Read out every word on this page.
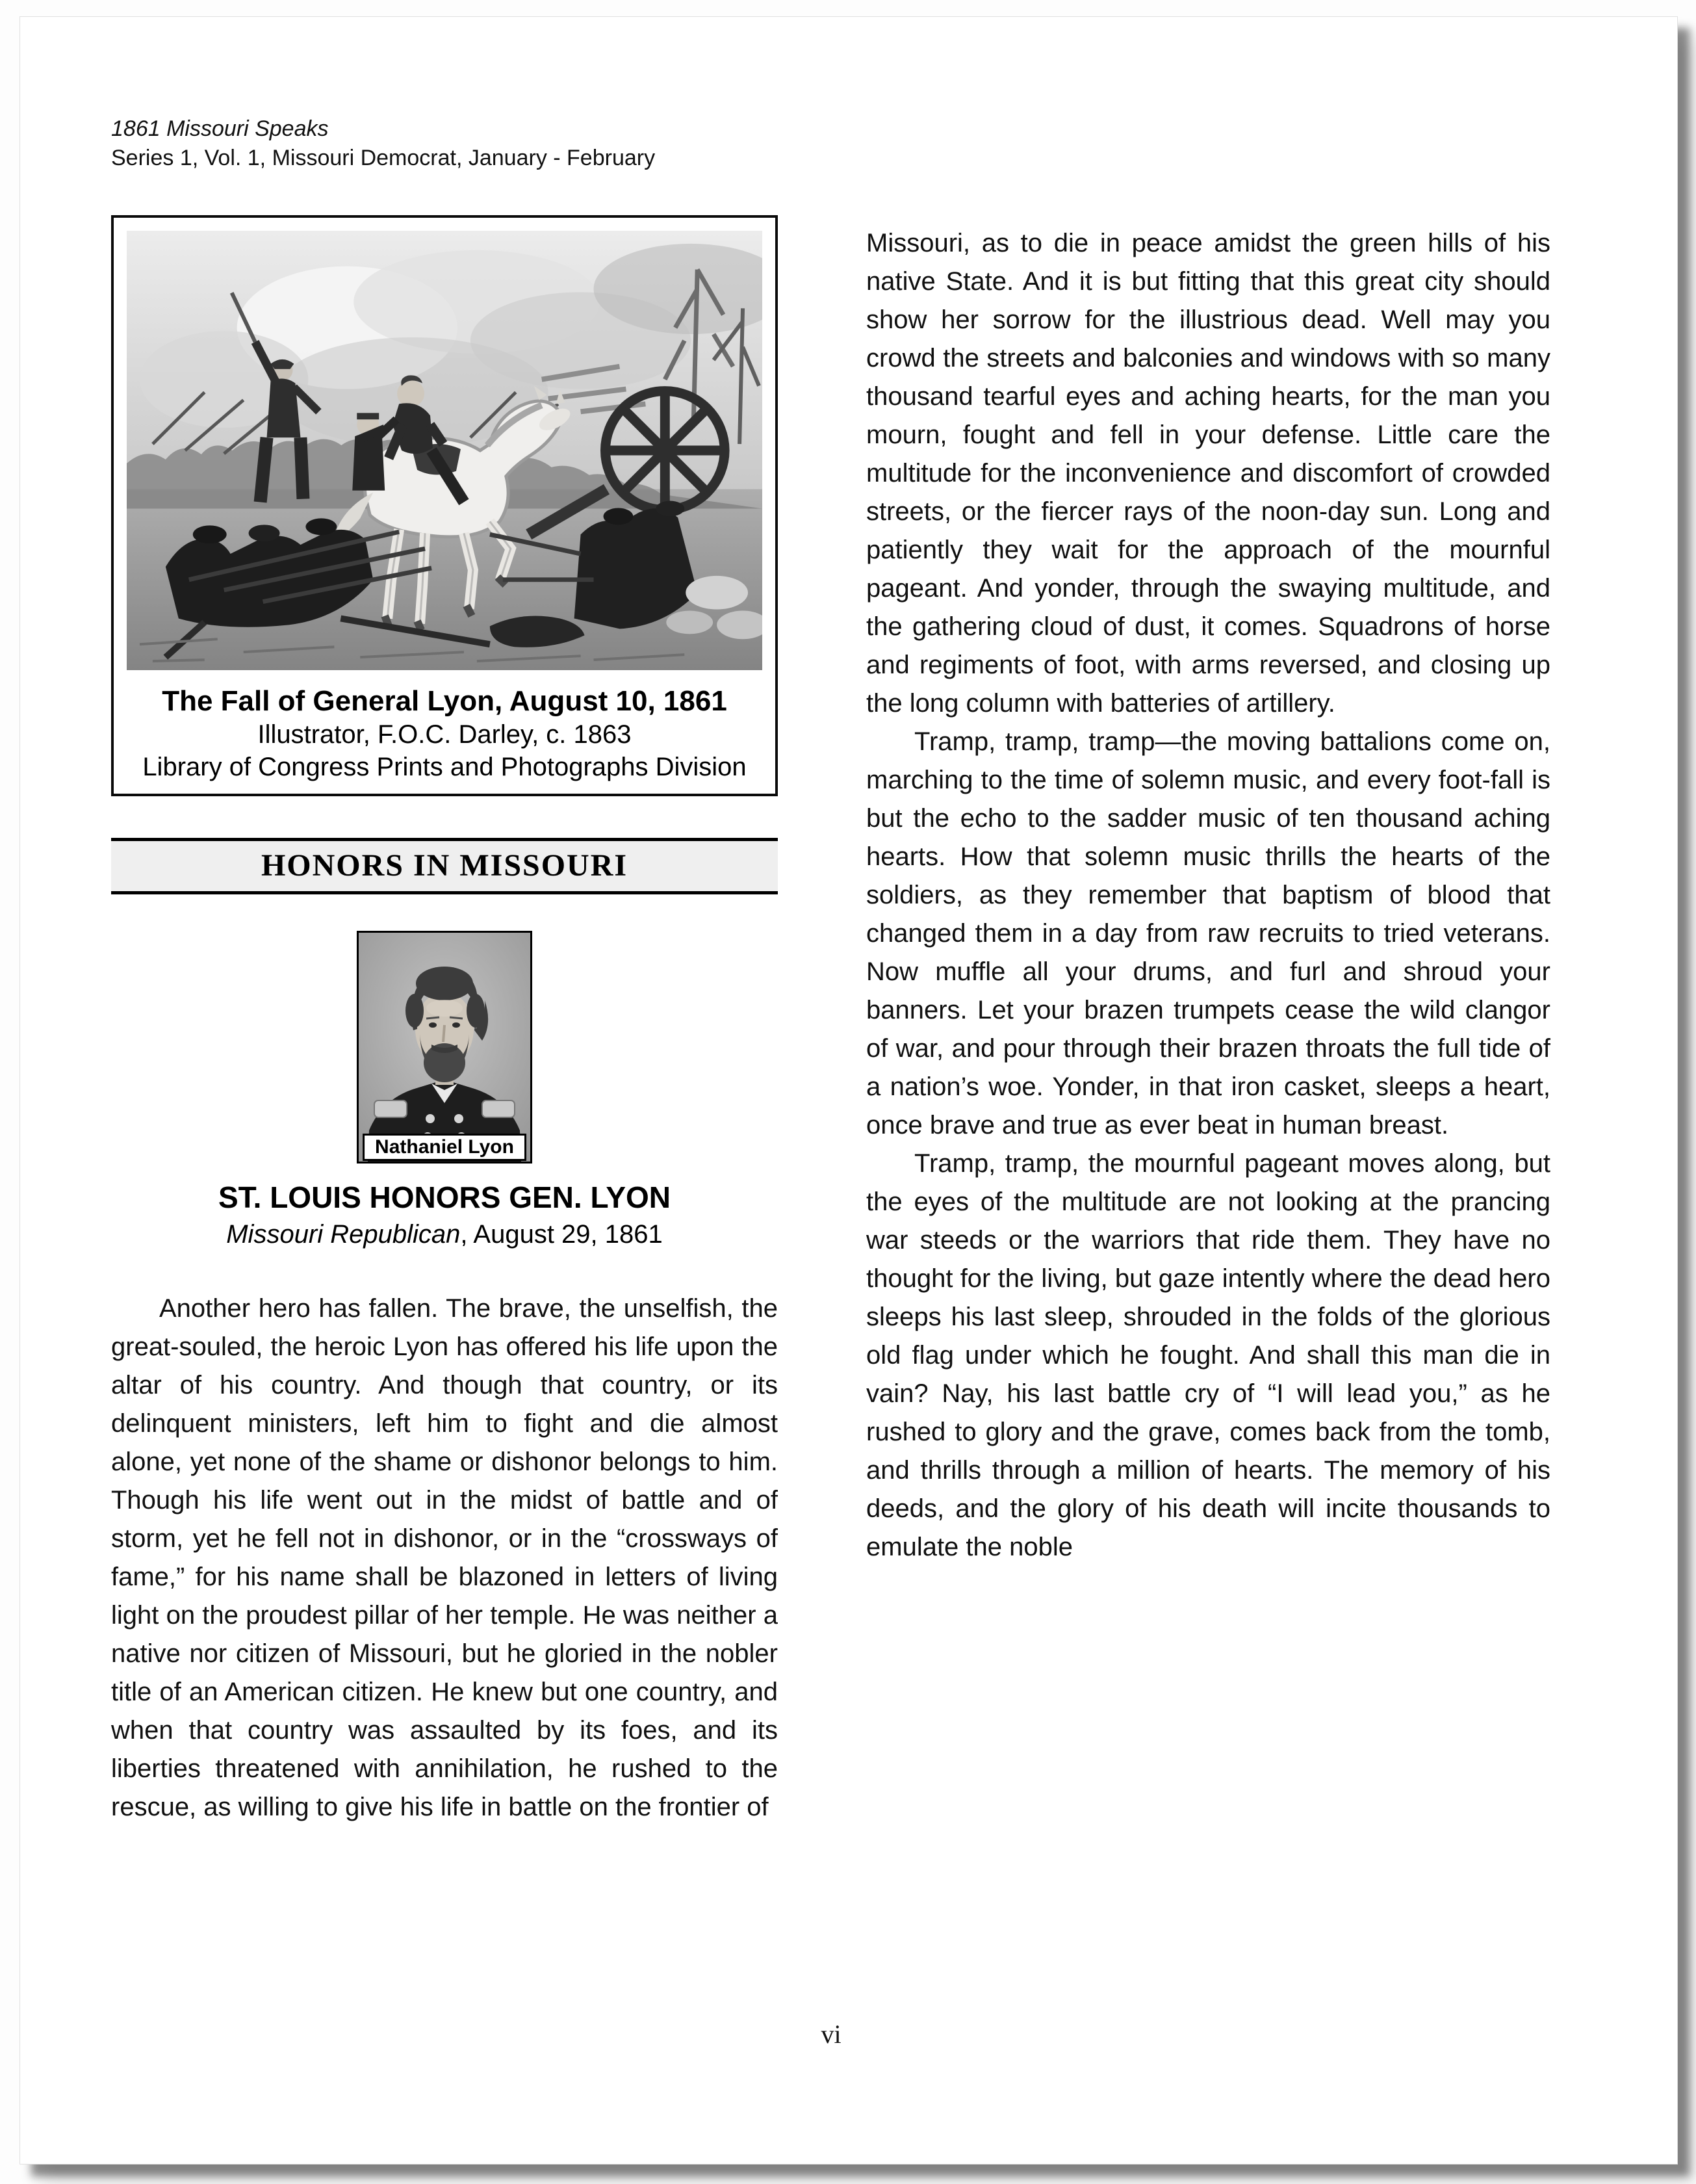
1861 Missouri Speaks
Series 1, Vol. 1, Missouri Democrat, January - February
The Fall of General Lyon, August 10, 1861
Illustrator, F.O.C. Darley, c. 1863
Library of Congress Prints and Photographs Division
HONORS IN MISSOURI
Nathaniel Lyon
ST. LOUIS HONORS GEN. LYON
Missouri Republican, August 29, 1861

Another hero has fallen. The brave, the unselfish, the great-souled, the heroic Lyon has offered his life upon the altar of his country. And though that country, or its delinquent ministers, left him to fight and die almost alone, yet none of the shame or dishonor belongs to him. Though his life went out in the midst of battle and of storm, yet he fell not in dishonor, or in the “crossways of fame,” for his name shall be blazoned in letters of living light on the proudest pillar of her temple. He was neither a native nor citizen of Missouri, but he gloried in the nobler title of an American citizen. He knew but one country, and when that country was assaulted by its foes, and its liberties threatened with annihilation, he rushed to the rescue, as willing to give his life in battle on the frontier of

Missouri, as to die in peace amidst the green hills of his native State. And it is but fitting that this great city should show her sorrow for the illustrious dead. Well may you crowd the streets and balconies and windows with so many thousand tearful eyes and aching hearts, for the man you mourn, fought and fell in your defense. Little care the multitude for the inconvenience and discomfort of crowded streets, or the fiercer rays of the noon-day sun. Long and patiently they wait for the approach of the mournful pageant. And yonder, through the swaying multitude, and the gathering cloud of dust, it comes. Squadrons of horse and regiments of foot, with arms reversed, and closing up the long column with batteries of artillery.

Tramp, tramp, tramp—the moving battalions come on, marching to the time of solemn music, and every foot-fall is but the echo to the sadder music of ten thousand aching hearts. How that solemn music thrills the hearts of the soldiers, as they remember that baptism of blood that changed them in a day from raw recruits to tried veterans. Now muffle all your drums, and furl and shroud your banners. Let your brazen trumpets cease the wild clangor of war, and pour through their brazen throats the full tide of a nation’s woe. Yonder, in that iron casket, sleeps a heart, once brave and true as ever beat in human breast.

Tramp, tramp, the mournful pageant moves along, but the eyes of the multitude are not looking at the prancing war steeds or the warriors that ride them. They have no thought for the living, but gaze intently where the dead hero sleeps his last sleep, shrouded in the folds of the glorious old flag under which he fought. And shall this man die in vain? Nay, his last battle cry of “I will lead you,” as he rushed to glory and the grave, comes back from the tomb, and thrills through a million of hearts. The memory of his deeds, and the glory of his death will incite thousands to emulate the noble

vi
